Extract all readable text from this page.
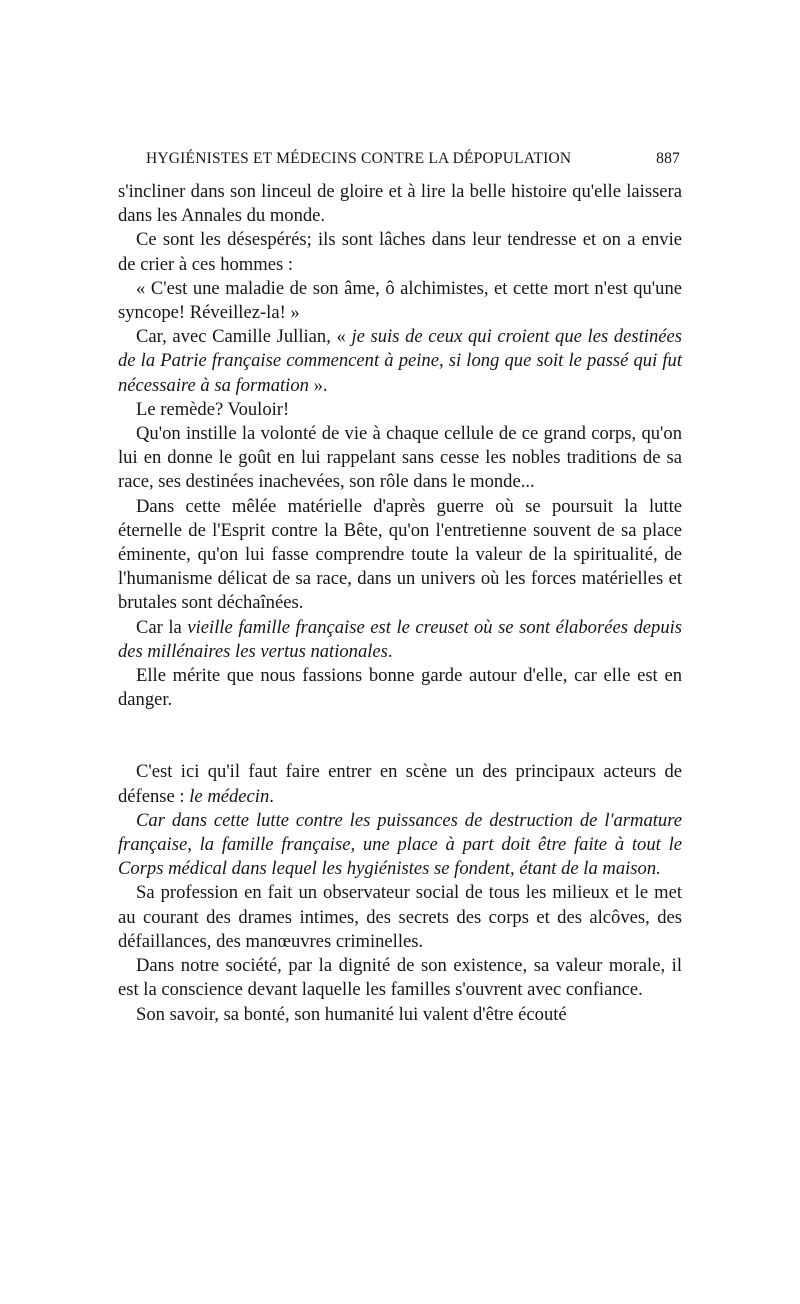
HYGIÉNISTES ET MÉDECINS CONTRE LA DÉPOPULATION	887

s'incliner dans son linceul de gloire et à lire la belle histoire qu'elle laissera dans les Annales du monde.

Ce sont les désespérés; ils sont lâches dans leur tendresse et on a envie de crier à ces hommes :

« C'est une maladie de son âme, ô alchimistes, et cette mort n'est qu'une syncope! Réveillez-la! »

Car, avec Camille Jullian, « je suis de ceux qui croient que les destinées de la Patrie française commencent à peine, si long que soit le passé qui fut nécessaire à sa formation ».

Le remède? Vouloir!

Qu'on instille la volonté de vie à chaque cellule de ce grand corps, qu'on lui en donne le goût en lui rappelant sans cesse les nobles traditions de sa race, ses destinées inachevées, son rôle dans le monde...

Dans cette mêlée matérielle d'après guerre où se poursuit la lutte éternelle de l'Esprit contre la Bête, qu'on l'entretienne souvent de sa place éminente, qu'on lui fasse comprendre toute la valeur de la spiritualité, de l'humanisme délicat de sa race, dans un univers où les forces matérielles et brutales sont déchaînées.

Car la vieille famille française est le creuset où se sont élaborées depuis des millénaires les vertus nationales.

Elle mérite que nous fassions bonne garde autour d'elle, car elle est en danger.

C'est ici qu'il faut faire entrer en scène un des principaux acteurs de défense : le médecin.

Car dans cette lutte contre les puissances de destruction de l'armature française, la famille française, une place à part doit être faite à tout le Corps médical dans lequel les hygiénistes se fondent, étant de la maison.

Sa profession en fait un observateur social de tous les milieux et le met au courant des drames intimes, des secrets des corps et des alcôves, des défaillances, des manœuvres criminelles.

Dans notre société, par la dignité de son existence, sa valeur morale, il est la conscience devant laquelle les familles s'ouvrent avec confiance.

Son savoir, sa bonté, son humanité lui valent d'être écouté
